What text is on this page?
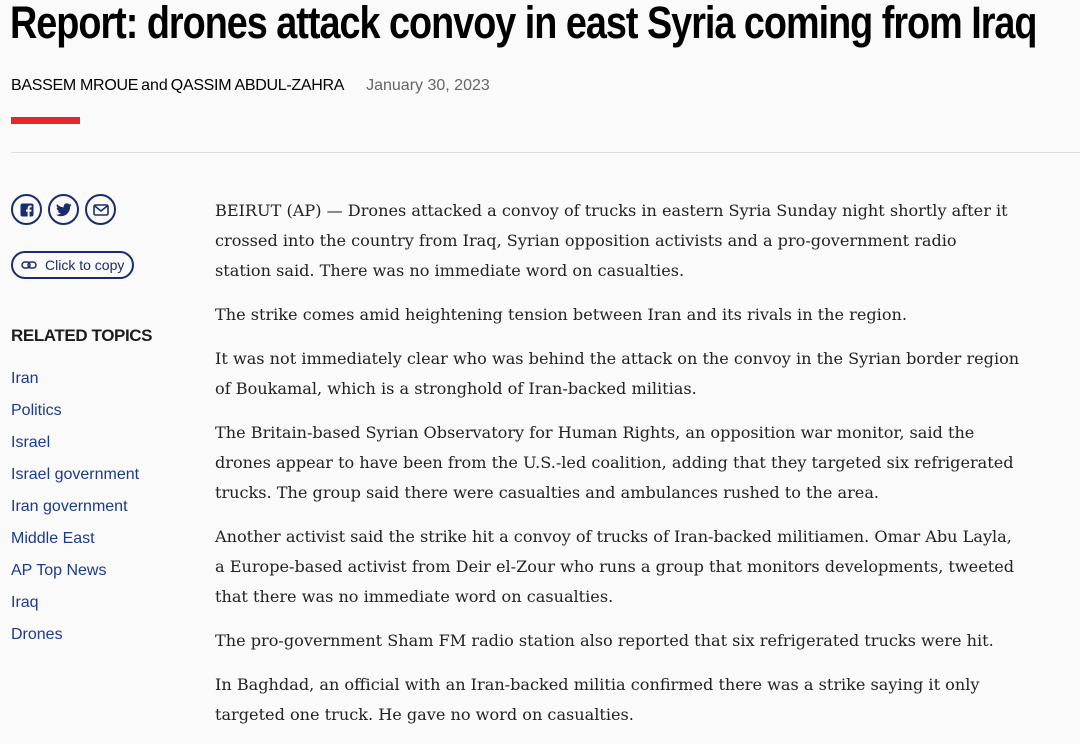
Report: drones attack convoy in east Syria coming from Iraq
BASSEM MROUE and QASSIM ABDUL-ZAHRA January 30, 2023
Click to copy
RELATED TOPICS
Iran
Politics
Israel
Israel government
Iran government
Middle East
AP Top News
Iraq
Drones

BEIRUT (AP) — Drones attacked a convoy of trucks in eastern Syria Sunday night shortly after it
crossed into the country from Iraq, Syrian opposition activists and a pro-government radio
station said. There was no immediate word on casualties.

The strike comes amid heightening tension between Iran and its rivals in the region.

It was not immediately clear who was behind the attack on the convoy in the Syrian border region
of Boukamal, which is a stronghold of Iran-backed militias.

The Britain-based Syrian Observatory for Human Rights, an opposition war monitor, said the
drones appear to have been from the U.S.-led coalition, adding that they targeted six refrigerated
trucks. The group said there were casualties and ambulances rushed to the area.

Another activist said the strike hit a convoy of trucks of Iran-backed militiamen. Omar Abu Layla,
a Europe-based activist from Deir el-Zour who runs a group that monitors developments, tweeted
that there was no immediate word on casualties.

The pro-government Sham FM radio station also reported that six refrigerated trucks were hit.

In Baghdad, an official with an Iran-backed militia confirmed there was a strike saying it only
targeted one truck. He gave no word on casualties.
